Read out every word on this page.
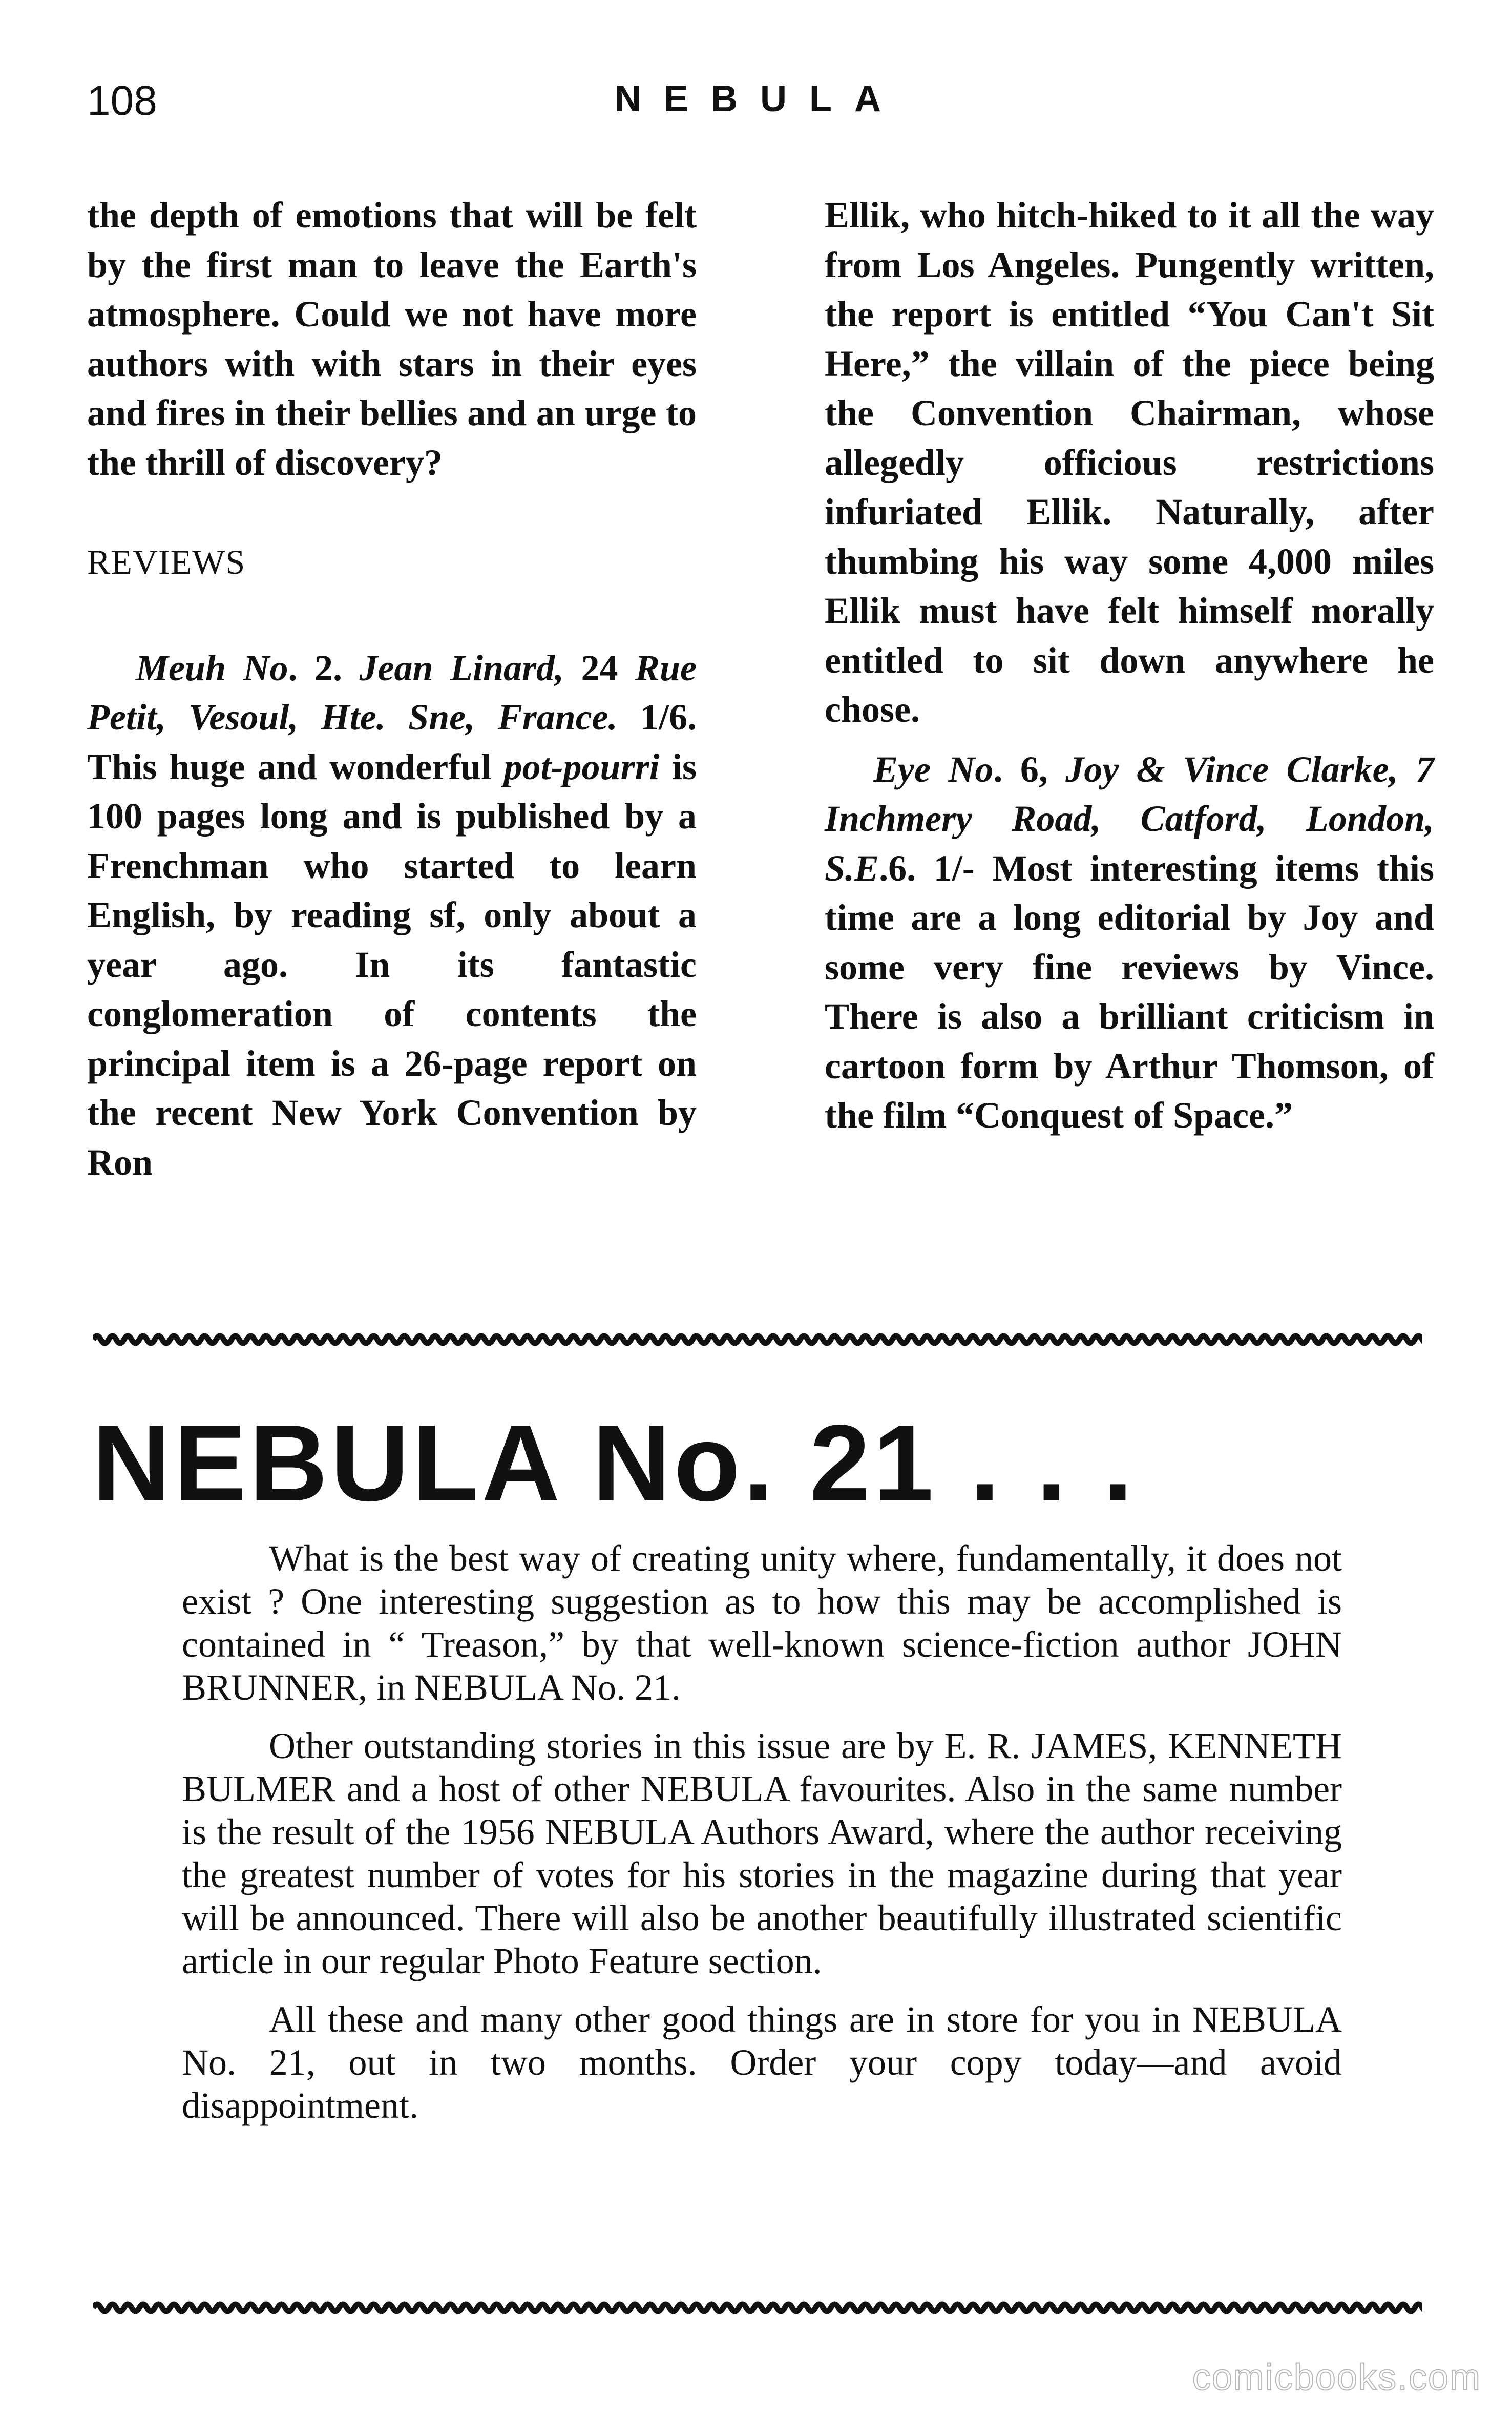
108	NEBULA

the depth of emotions that will be felt by the first man to leave the Earth's atmosphere. Could we not have more authors with with stars in their eyes and fires in their bellies and an urge to the thrill of discovery?

REVIEWS

Meuh No. 2. Jean Linard, 24 Rue Petit, Vesoul, Hte. Sne, France. 1/6. This huge and wonderful pot-pourri is 100 pages long and is published by a Frenchman who started to learn English, by reading sf, only about a year ago. In its fantastic conglomeration of contents the principal item is a 26-page report on the recent New York Convention by Ron

Ellik, who hitch-hiked to it all the way from Los Angeles. Pungently written, the report is entitled “You Can't Sit Here,” the villain of the piece being the Convention Chairman, whose allegedly officious restrictions infuriated Ellik. Naturally, after thumbing his way some 4,000 miles Ellik must have felt himself morally entitled to sit down anywhere he chose.

Eye No. 6, Joy & Vince Clarke, 7 Inchmery Road, Catford, London, S.E.6. 1/- Most interesting items this time are a long editorial by Joy and some very fine reviews by Vince. There is also a brilliant criticism in cartoon form by Arthur Thomson, of the film “Conquest of Space.”

NEBULA No. 21 . . .

What is the best way of creating unity where, fundamentally, it does not exist ? One interesting suggestion as to how this may be accomplished is contained in “ Treason,” by that well-known science-fiction author JOHN BRUNNER, in NEBULA No. 21.

Other outstanding stories in this issue are by E. R. JAMES, KENNETH BULMER and a host of other NEBULA favourites. Also in the same number is the result of the 1956 NEBULA Authors Award, where the author receiving the greatest number of votes for his stories in the magazine during that year will be announced. There will also be another beautifully illustrated scientific article in our regular Photo Feature section.

All these and many other good things are in store for you in NEBULA No. 21, out in two months. Order your copy today—and avoid disappointment.

comicbooks.com
